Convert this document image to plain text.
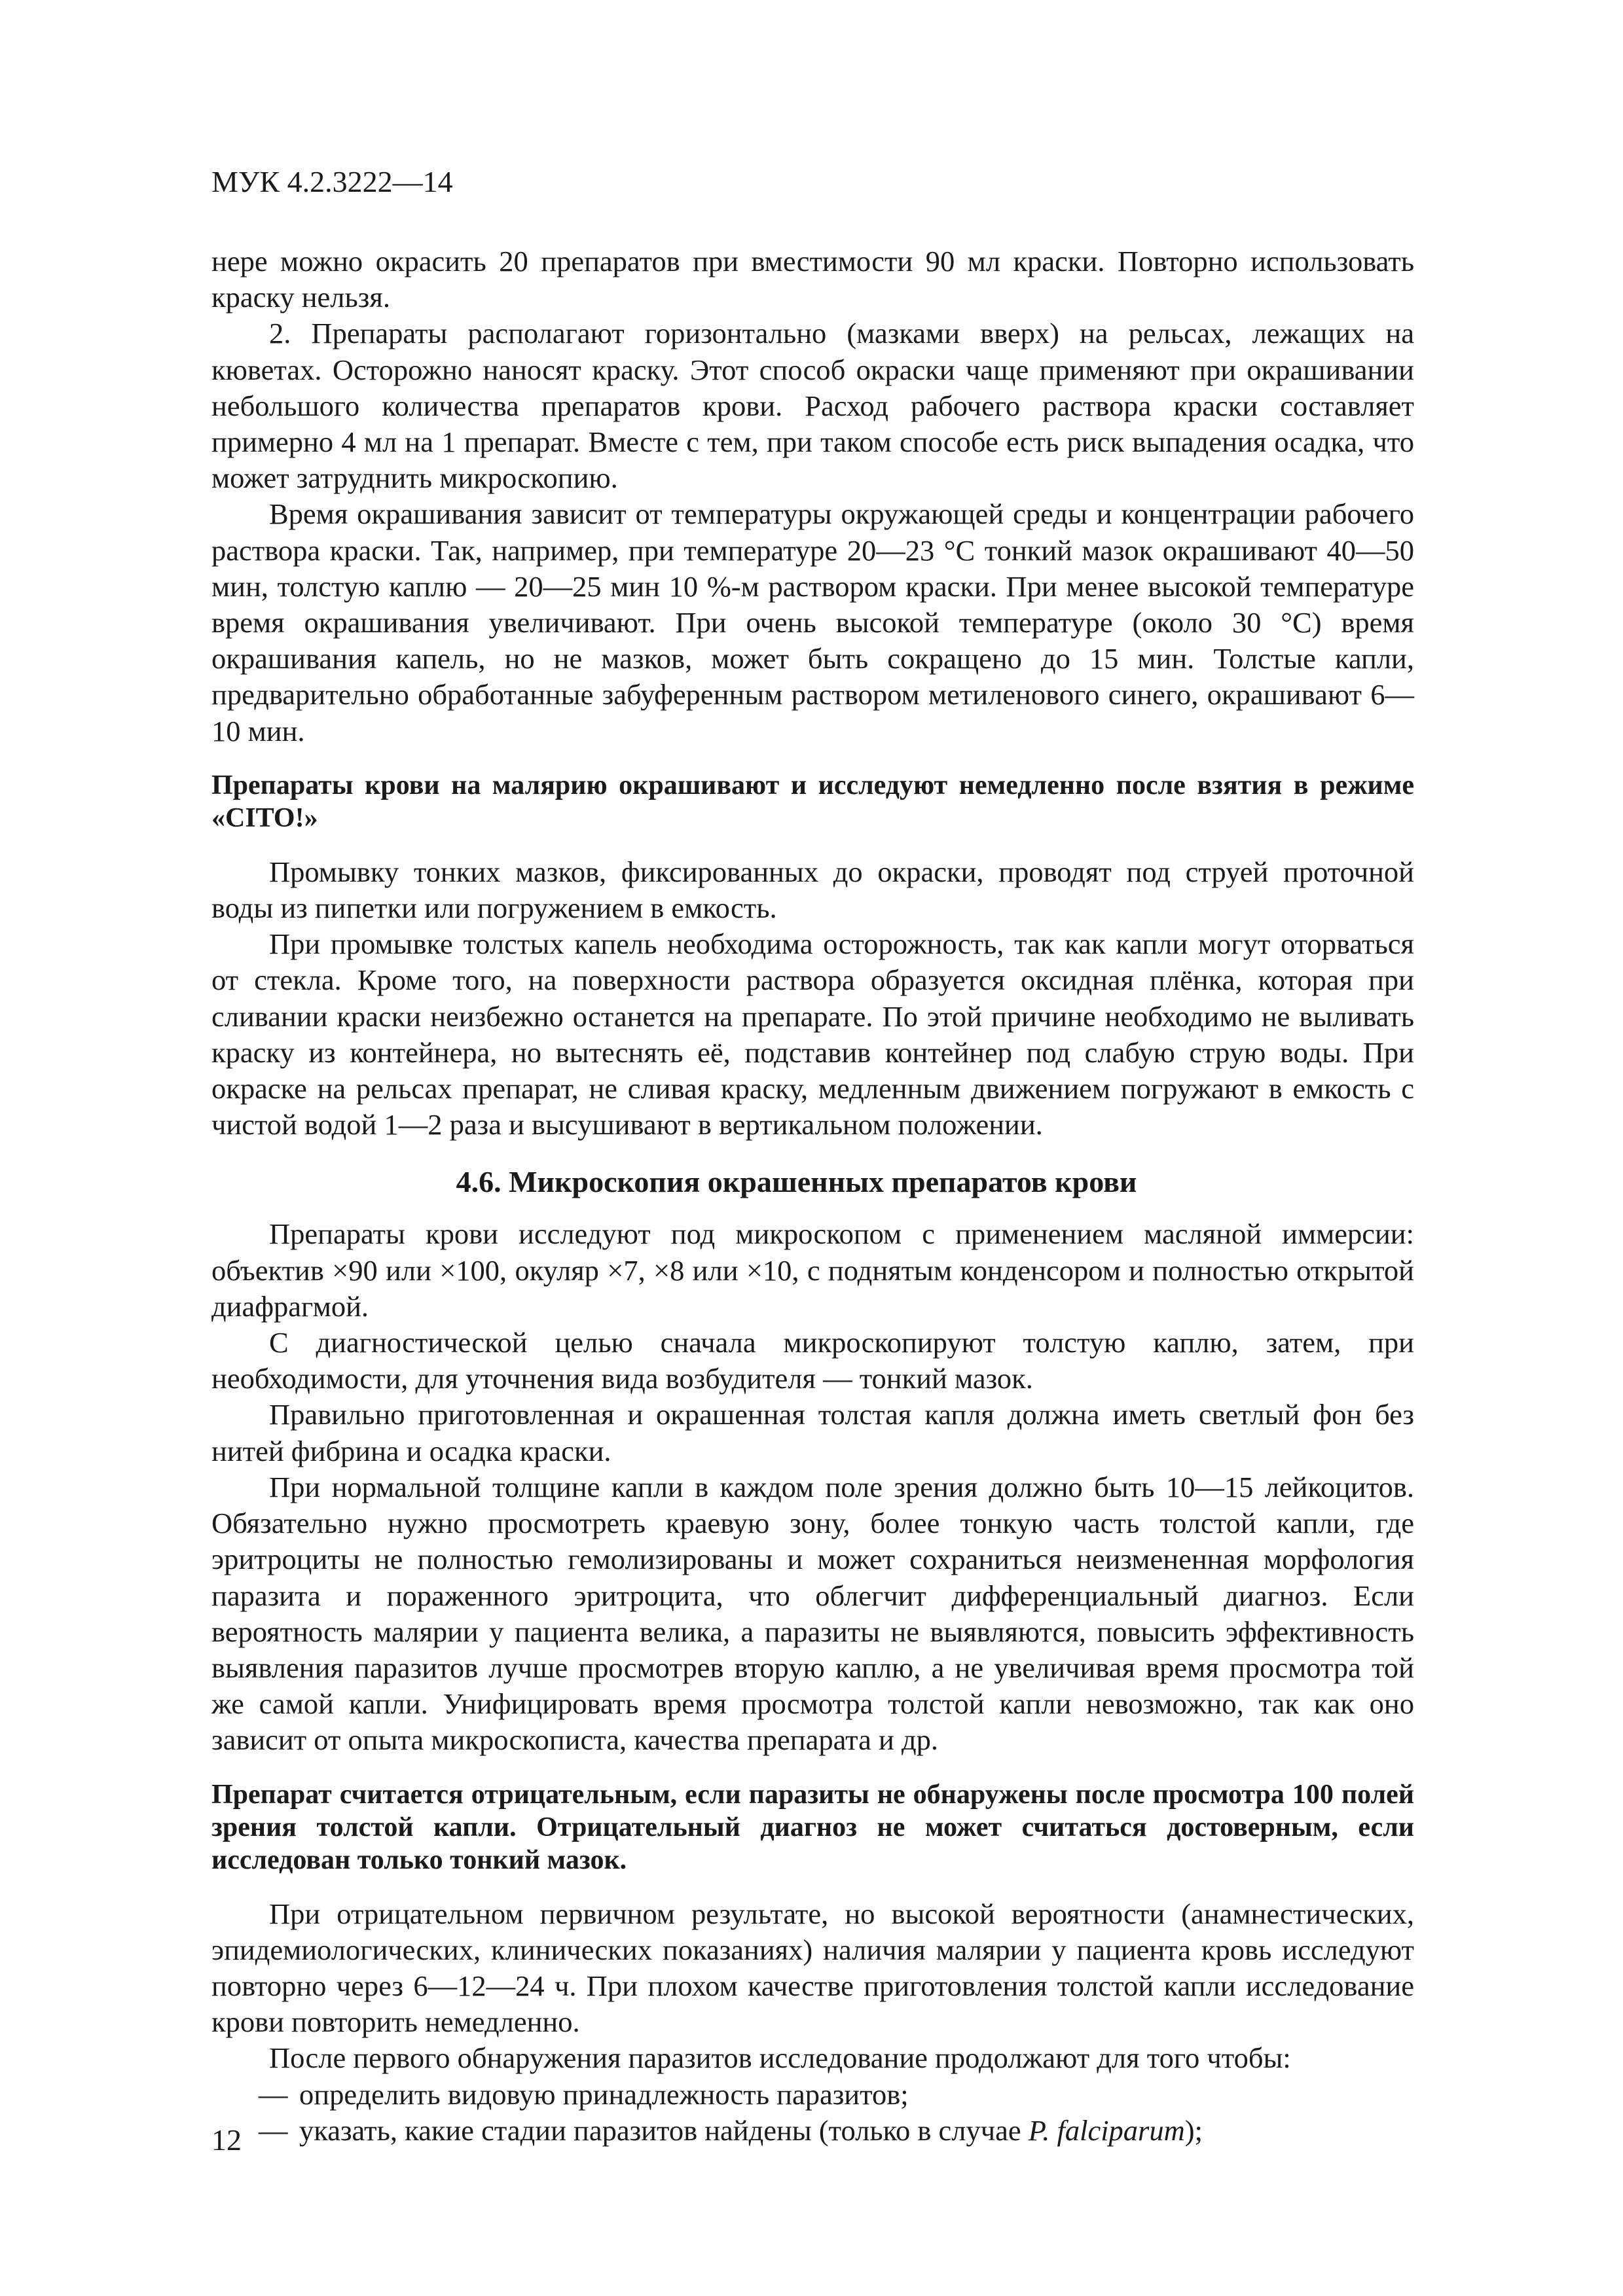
МУК 4.2.3222—14

нере можно окрасить 20 препаратов при вместимости 90 мл краски. Повторно использовать краску нельзя.

2. Препараты располагают горизонтально (мазками вверх) на рельсах, лежащих на кюветах. Осторожно наносят краску. Этот способ окраски чаще применяют при окрашивании небольшого количества препаратов крови. Расход рабочего раствора краски составляет примерно 4 мл на 1 препарат. Вместе с тем, при таком способе есть риск выпадения осадка, что может затруднить микроскопию.

Время окрашивания зависит от температуры окружающей среды и концентрации рабочего раствора краски. Так, например, при температуре 20—23 °С тонкий мазок окрашивают 40—50 мин, толстую каплю — 20—25 мин 10 %-м раствором краски. При менее высокой температуре время окрашивания увеличивают. При очень высокой температуре (около 30 °С) время окрашивания капель, но не мазков, может быть сокращено до 15 мин. Толстые капли, предварительно обработанные забуференным раствором метиленового синего, окрашивают 6—10 мин.

Препараты крови на малярию окрашивают и исследуют немедленно после взятия в режиме «CITO!»

Промывку тонких мазков, фиксированных до окраски, проводят под струей проточной воды из пипетки или погружением в емкость.

При промывке толстых капель необходима осторожность, так как капли могут оторваться от стекла. Кроме того, на поверхности раствора образуется оксидная плёнка, которая при сливании краски неизбежно останется на препарате. По этой причине необходимо не выливать краску из контейнера, но вытеснять её, подставив контейнер под слабую струю воды. При окраске на рельсах препарат, не сливая краску, медленным движением погружают в емкость с чистой водой 1—2 раза и высушивают в вертикальном положении.

4.6. Микроскопия окрашенных препаратов крови

Препараты крови исследуют под микроскопом с применением масляной иммерсии: объектив ×90 или ×100, окуляр ×7, ×8 или ×10, с поднятым конденсором и полностью открытой диафрагмой.

С диагностической целью сначала микроскопируют толстую каплю, затем, при необходимости, для уточнения вида возбудителя — тонкий мазок.

Правильно приготовленная и окрашенная толстая капля должна иметь светлый фон без нитей фибрина и осадка краски.

При нормальной толщине капли в каждом поле зрения должно быть 10—15 лейкоцитов. Обязательно нужно просмотреть краевую зону, более тонкую часть толстой капли, где эритроциты не полностью гемолизированы и может сохраниться неизмененная морфология паразита и пораженного эритроцита, что облегчит дифференциальный диагноз. Если вероятность малярии у пациента велика, а паразиты не выявляются, повысить эффективность выявления паразитов лучше просмотрев вторую каплю, а не увеличивая время просмотра той же самой капли. Унифицировать время просмотра толстой капли невозможно, так как оно зависит от опыта микроскописта, качества препарата и др.

Препарат считается отрицательным, если паразиты не обнаружены после просмотра 100 полей зрения толстой капли. Отрицательный диагноз не может считаться достоверным, если исследован только тонкий мазок.

При отрицательном первичном результате, но высокой вероятности (анамнестических, эпидемиологических, клинических показаниях) наличия малярии у пациента кровь исследуют повторно через 6—12—24 ч. При плохом качестве приготовления толстой капли исследование крови повторить немедленно.

После первого обнаружения паразитов исследование продолжают для того чтобы:

— определить видовую принадлежность паразитов;
— указать, какие стадии паразитов найдены (только в случае P. falciparum);
12
